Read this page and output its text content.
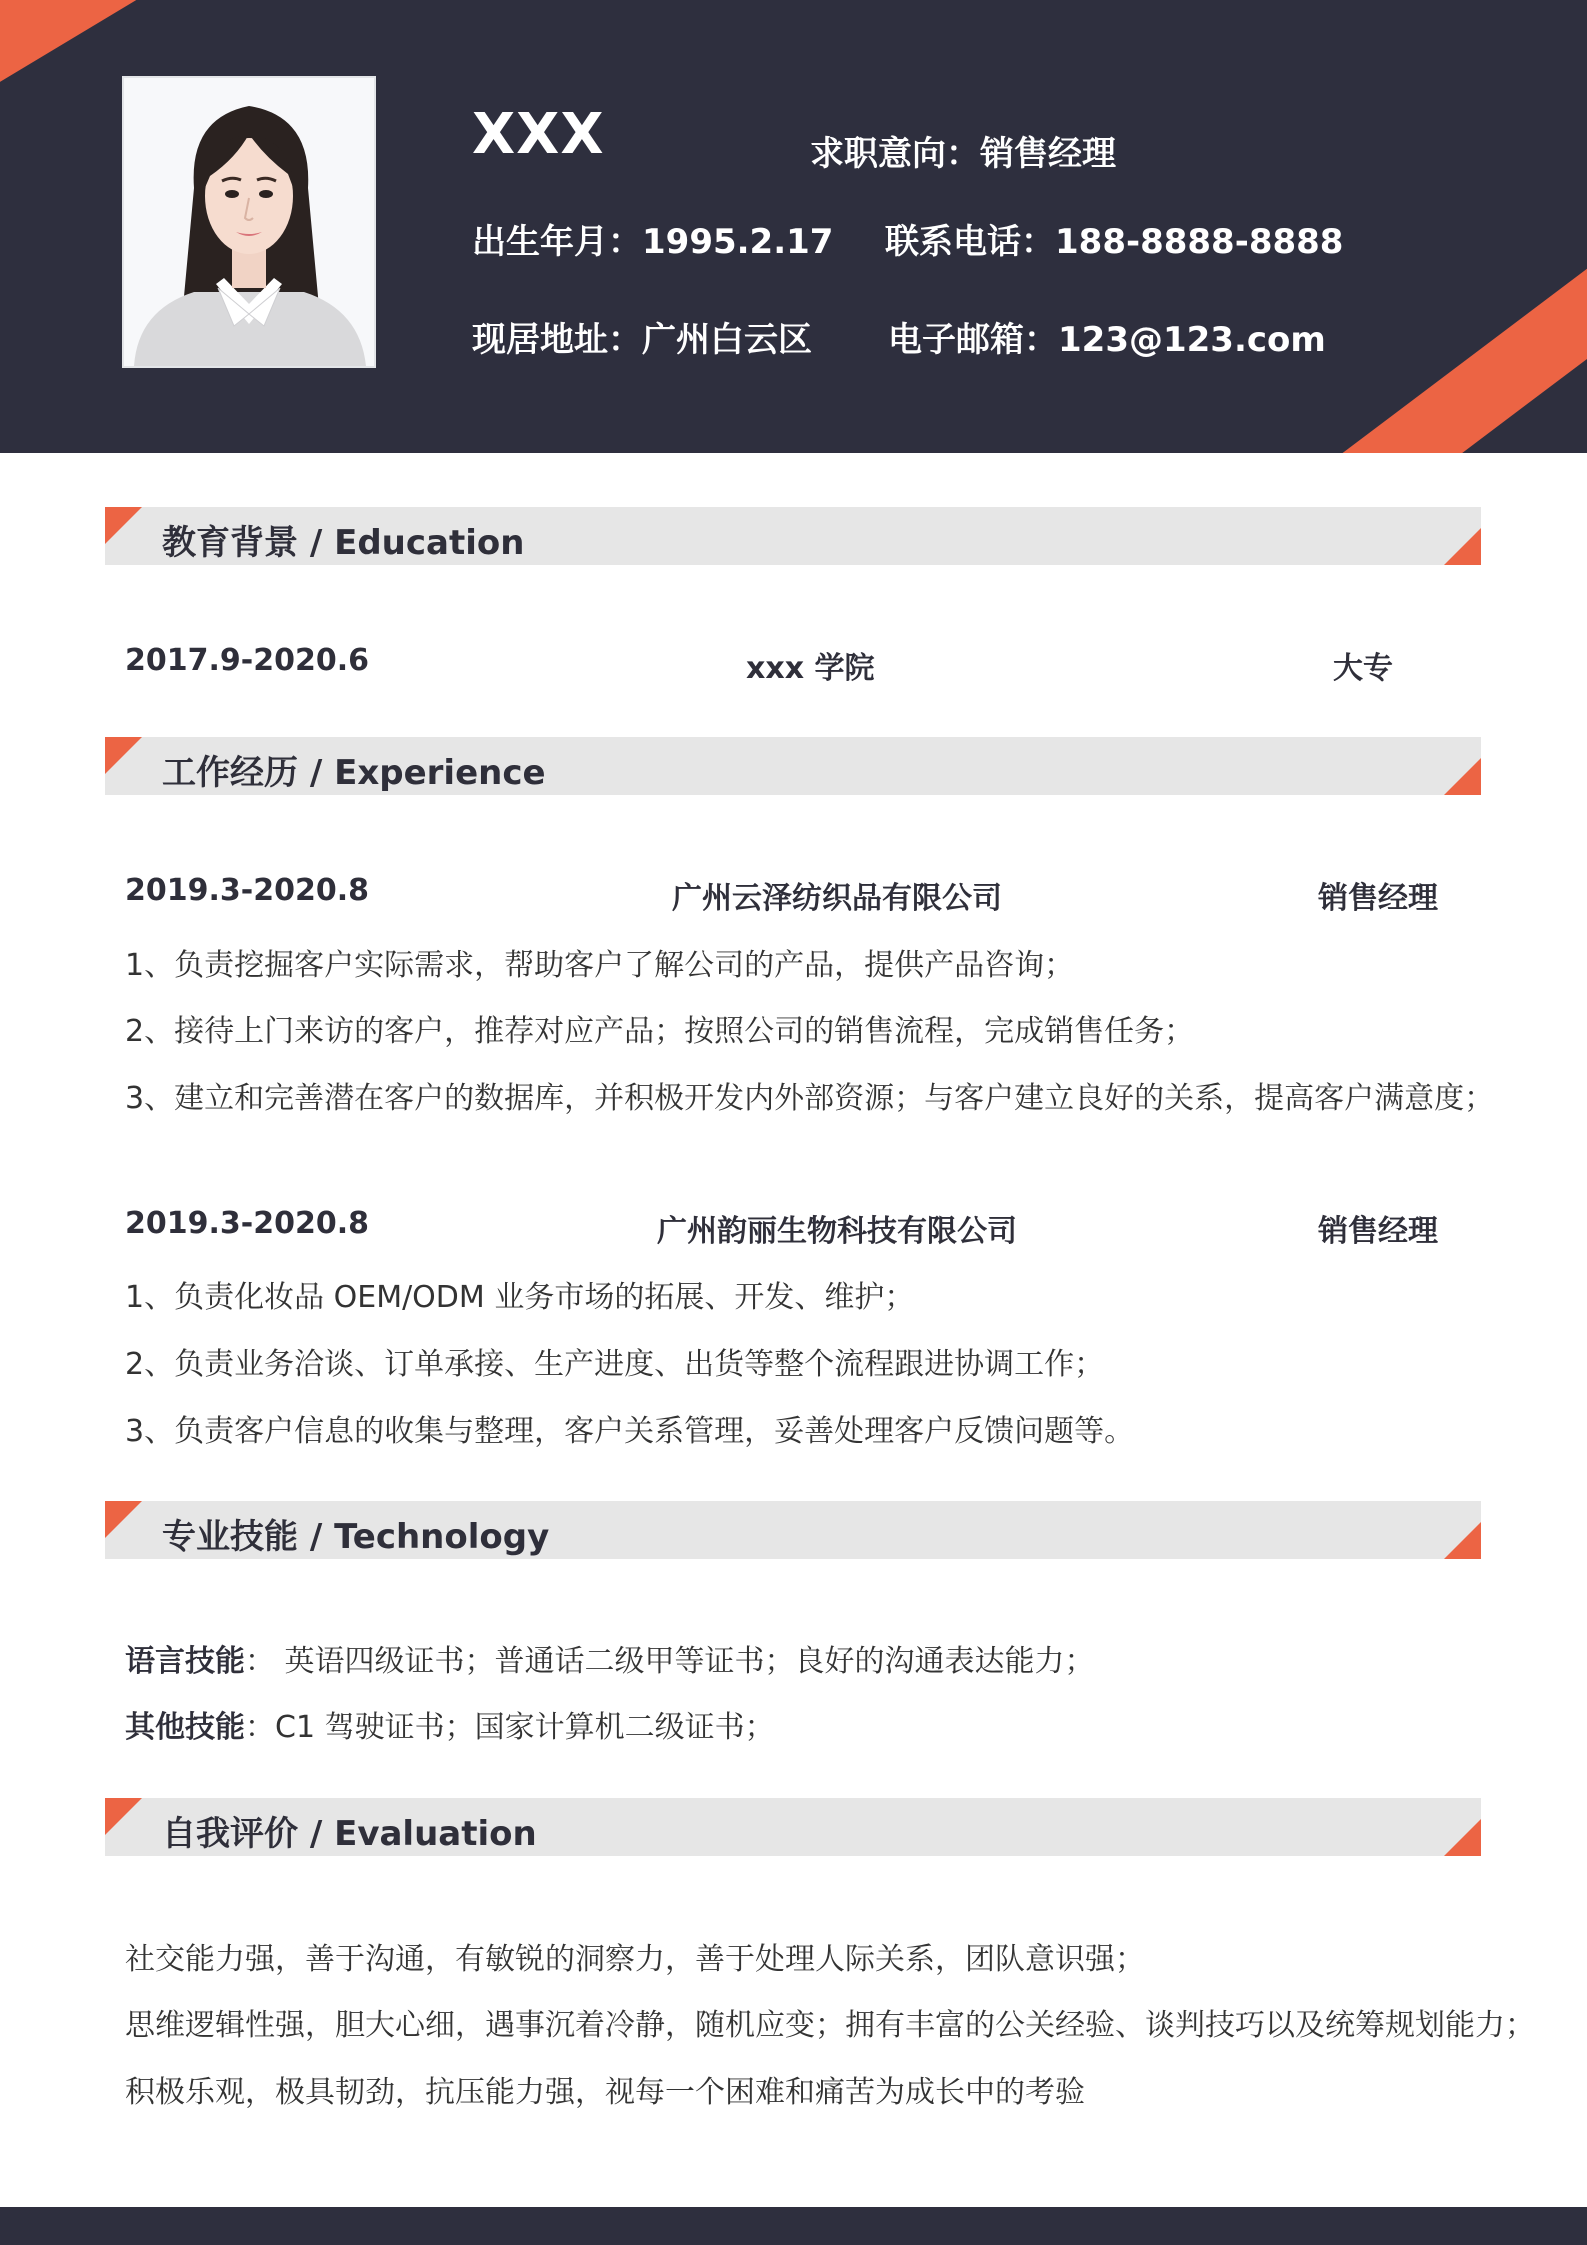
XXX	求职意向：销售经理
出生年月：1995.2.17 联系电话：188-8888-8888
现居地址：广州白云区 电子邮箱：123@123.com
教育背景 / Education
2017.9-2020.6	xxx 学院	大专
工作经历 / Experience
2019.3-2020.8	广州云泽纺织品有限公司	销售经理
1、负责挖掘客户实际需求，帮助客户了解公司的产品，提供产品咨询；
2、接待上门来访的客户，推荐对应产品；按照公司的销售流程，完成销售任务；
3、建立和完善潜在客户的数据库，并积极开发内外部资源；与客户建立良好的关系，提高客户满意度；
2019.3-2020.8	广州韵丽生物科技有限公司	销售经理
1、负责化妆品 OEM/ODM 业务市场的拓展、开发、维护；
2、负责业务洽谈、订单承接、生产进度、出货等整个流程跟进协调工作；
3、负责客户信息的收集与整理，客户关系管理，妥善处理客户反馈问题等。
专业技能 / Technology
语言技能： 英语四级证书；普通话二级甲等证书；良好的沟通表达能力；
其他技能：C1 驾驶证书；国家计算机二级证书；
自我评价 / Evaluation
社交能力强，善于沟通，有敏锐的洞察力，善于处理人际关系，团队意识强；
思维逻辑性强，胆大心细，遇事沉着冷静，随机应变；拥有丰富的公关经验、谈判技巧以及统筹规划能力；
积极乐观，极具韧劲，抗压能力强，视每一个困难和痛苦为成长中的考验
